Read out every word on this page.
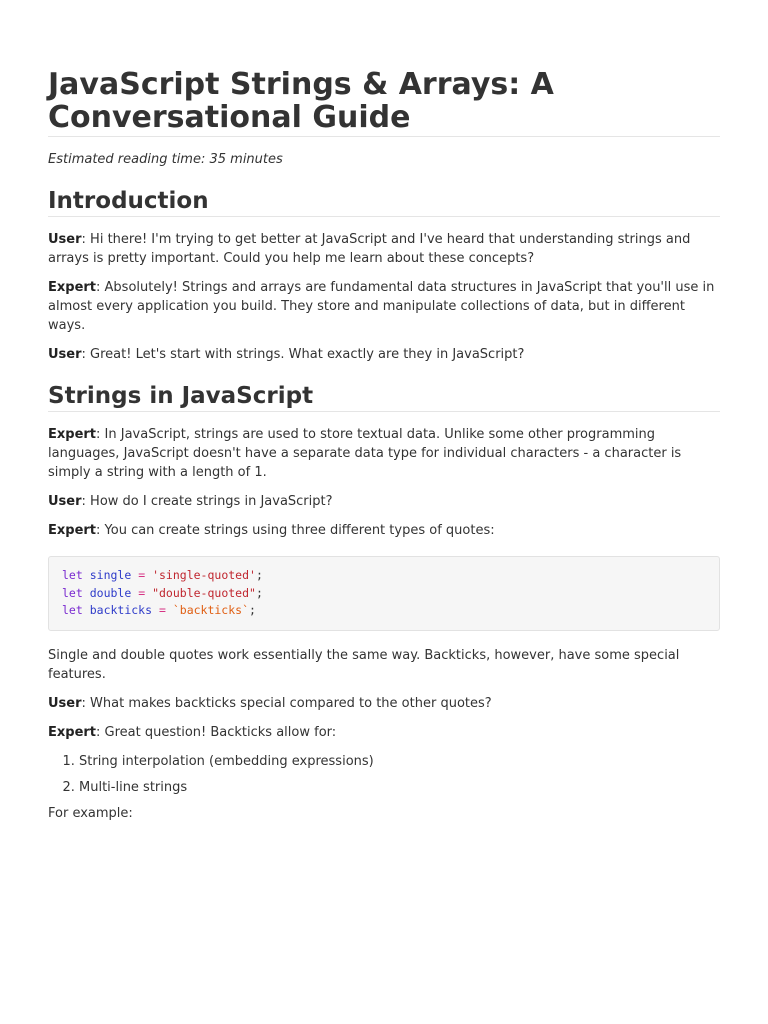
JavaScript Strings & Arrays: A Conversational Guide

Estimated reading time: 35 minutes

Introduction

User: Hi there! I'm trying to get better at JavaScript and I've heard that understanding strings and arrays is pretty important. Could you help me learn about these concepts?

Expert: Absolutely! Strings and arrays are fundamental data structures in JavaScript that you'll use in almost every application you build. They store and manipulate collections of data, but in different ways.

User: Great! Let's start with strings. What exactly are they in JavaScript?

Strings in JavaScript

Expert: In JavaScript, strings are used to store textual data. Unlike some other programming languages, JavaScript doesn't have a separate data type for individual characters - a character is simply a string with a length of 1.

User: How do I create strings in JavaScript?

Expert: You can create strings using three different types of quotes:

let single = 'single-quoted';
let double = "double-quoted";
let backticks = `backticks`;

Single and double quotes work essentially the same way. Backticks, however, have some special features.

User: What makes backticks special compared to the other quotes?

Expert: Great question! Backticks allow for:

1. String interpolation (embedding expressions)
2. Multi-line strings

For example:
